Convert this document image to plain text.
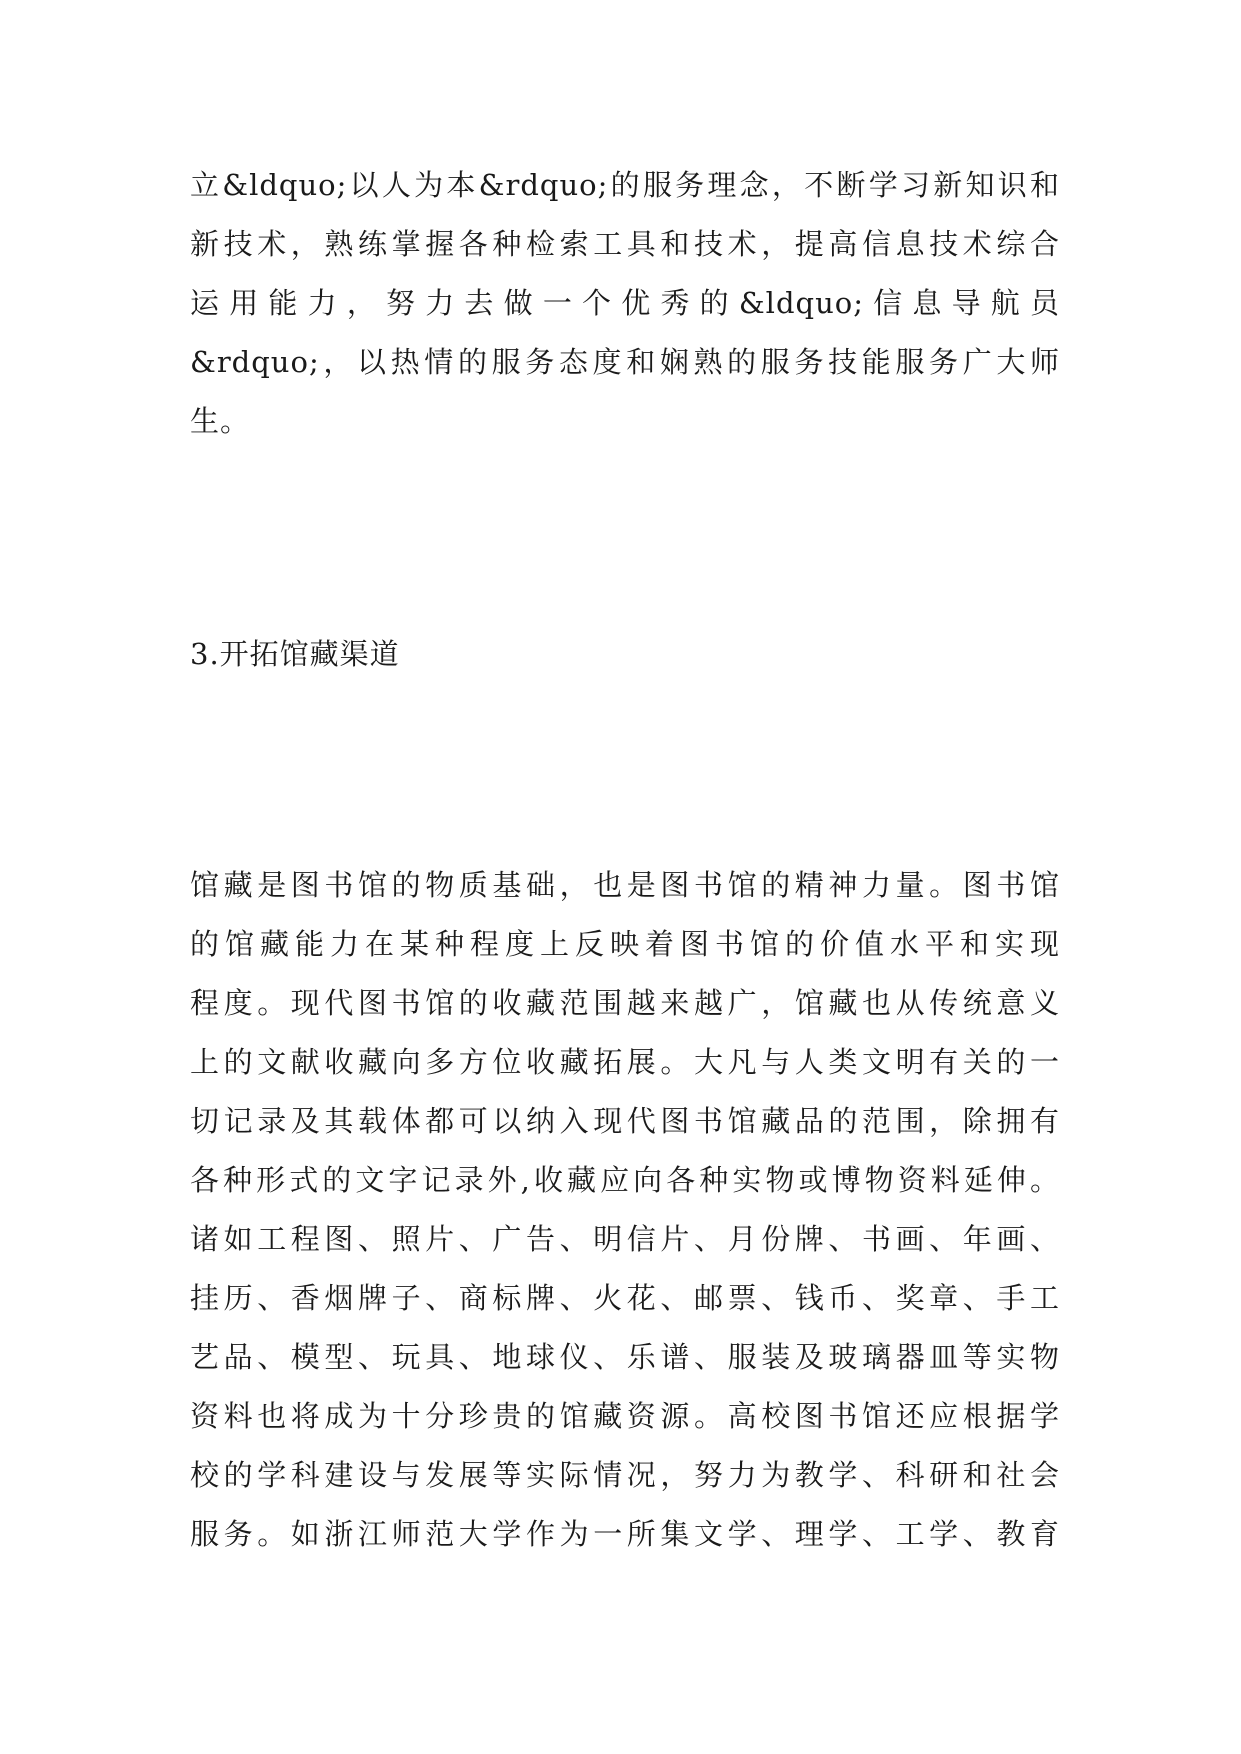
立&ldquo;以人为本&rdquo;的服务理念，不断学习新知识和
新技术，熟练掌握各种检索工具和技术，提高信息技术综合
运用能力，努力去做一个优秀的&ldquo;信息导航员
&rdquo;，以热情的服务态度和娴熟的服务技能服务广大师
生。
3.开拓馆藏渠道
馆藏是图书馆的物质基础，也是图书馆的精神力量。图书馆
的馆藏能力在某种程度上反映着图书馆的价值水平和实现
程度。现代图书馆的收藏范围越来越广，馆藏也从传统意义
上的文献收藏向多方位收藏拓展。大凡与人类文明有关的一
切记录及其载体都可以纳入现代图书馆藏品的范围，除拥有
各种形式的文字记录外,收藏应向各种实物或博物资料延伸。
诸如工程图、照片、广告、明信片、月份牌、书画、年画、
挂历、香烟牌子、商标牌、火花、邮票、钱币、奖章、手工
艺品、模型、玩具、地球仪、乐谱、服装及玻璃器皿等实物
资料也将成为十分珍贵的馆藏资源。高校图书馆还应根据学
校的学科建设与发展等实际情况，努力为教学、科研和社会
服务。如浙江师范大学作为一所集文学、理学、工学、教育
